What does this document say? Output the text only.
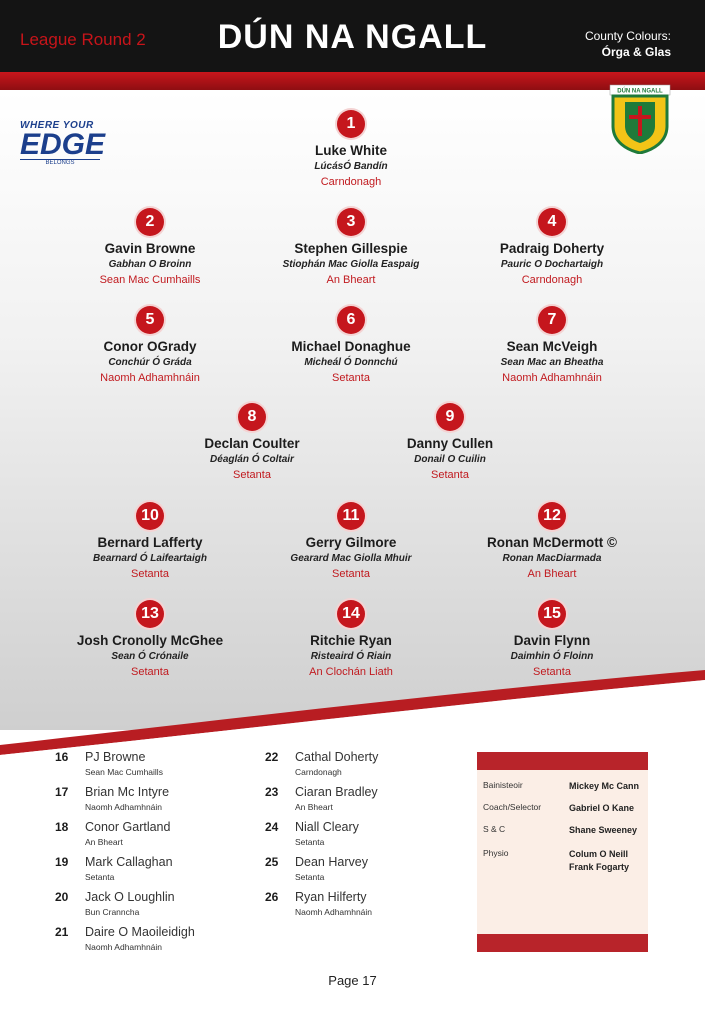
League Round 2	DÚN NA NGALL	County Colours:
Órga & Glas
WHERE YOUR
EDGE
BELONGS
DÚN NA NGALL
1
Luke White
LúcásÓ Bandín
Carndonagh
2
Gavin Browne
Gabhan O Broinn
Sean Mac Cumhaills
3
Stephen Gillespie
Stiophán Mac Giolla Easpaig
An Bheart
4
Padraig Doherty
Pauric O Dochartaigh
Carndonagh
5
Conor OGrady
Conchúr Ó Gráda
Naomh Adhamhnáin
6
Michael Donaghue
Micheál Ó Donnchú
Setanta
7
Sean McVeigh
Sean Mac an Bheatha
Naomh Adhamhnáin
8
Declan Coulter
Déaglán Ó Coltair
Setanta
9
Danny Cullen
Donail O Cuilin
Setanta
10
Bernard Lafferty
Bearnard Ó Laifeartaigh
Setanta
11
Gerry Gilmore
Gearard Mac Giolla Mhuir
Setanta
12
Ronan McDermott ©
Ronan MacDiarmada
An Bheart
13
Josh Cronolly McGhee
Sean Ó Crónaile
Setanta
14
Ritchie Ryan
Risteaird Ó Riain
An Clochán Liath
15
Davin Flynn
Daimhin Ó Floinn
Setanta
16	PJ Browne
Sean Mac Cumhaills
17	Brian Mc Intyre
Naomh Adhamhnáin
18	Conor Gartland
An Bheart
19	Mark Callaghan
Setanta
20	Jack O Loughlin
Bun Cranncha
21	Daire O Maoileidigh
Naomh Adhamhnáin
22	Cathal Doherty
Carndonagh
23	Ciaran Bradley
An Bheart
24	Niall Cleary
Setanta
25	Dean Harvey
Setanta
26	Ryan Hilferty
Naomh Adhamhnáin
Bainisteoir	Mickey Mc Cann
Coach/Selector	Gabriel O Kane
S & C	Shane Sweeney
Physio	Colum O Neill
Frank Fogarty
Page 17
